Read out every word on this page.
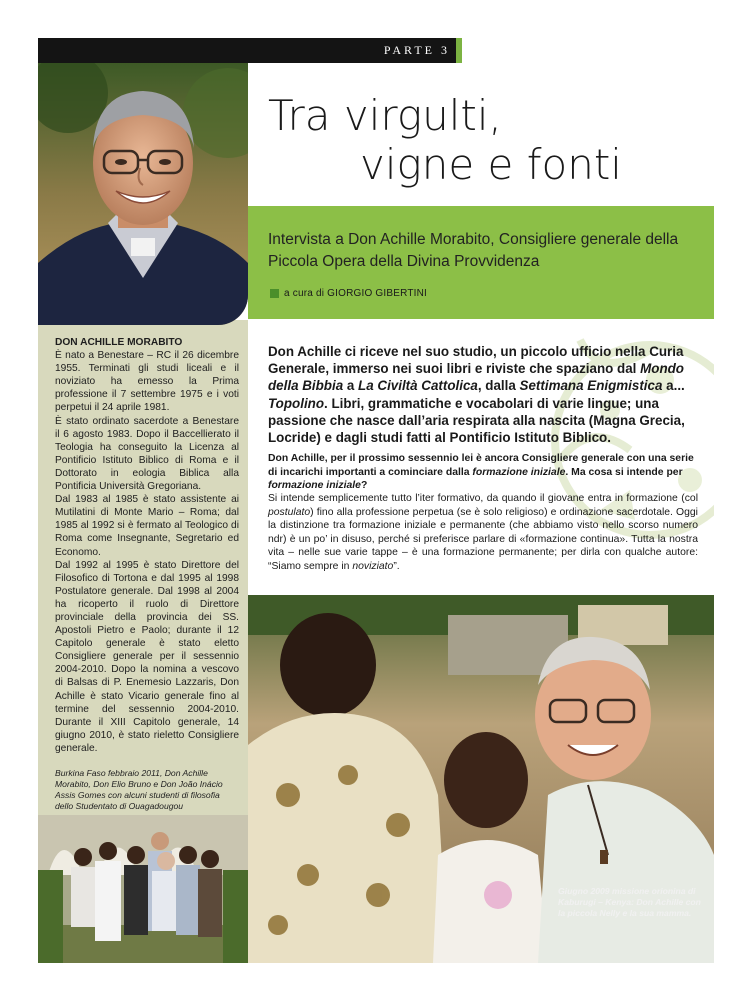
PARTE 3
DON ACHILLE MORABITO

È nato a Benestare – RC il 26 dicembre 1955. Terminati gli studi liceali e il noviziato ha emesso la Prima professione il 7 settembre 1975 e i voti perpetui il 24 aprile 1981.

È stato ordinato sacerdote a Benestare il 6 agosto 1983. Dopo il Baccellierato il Teologia ha conseguito la Licenza al Pontificio Istituto Biblico di Roma e il Dottorato in eologia Biblica alla Pontificia Università Gregoriana.

Dal 1983 al 1985 è stato assistente ai Mutilatini di Monte Mario – Roma; dal 1985 al 1992 si è fermato al Teologico di Roma come Insegnante, Segretario ed Economo.

Dal 1992 al 1995 è stato Direttore del Filosofico di Tortona e dal 1995 al 1998 Postulatore generale. Dal 1998 al 2004 ha ricoperto il ruolo di Direttore provinciale della provincia dei SS. Apostoli Pietro e Paolo; durante il 12 Capitolo generale è stato eletto Consigliere generale per il sessennio 2004-2010. Dopo la nomina a vescovo di Balsas di P. Enemesio Lazzaris, Don Achille è stato Vicario generale fino al termine del sessennio 2004-2010. Durante il XIII Capitolo generale, 14 giugno 2010, è stato rieletto Consigliere generale.

Burkina Faso febbraio 2011, Don Achille Morabito, Don Elio Bruno e Don João Inácio Assis Gomes con alcuni studenti di filosofia dello Studentato di Ouagadougou
Tra virgulti,
vigne e fonti
Intervista a Don Achille Morabito, Consigliere generale della Piccola Opera della Divina Provvidenza
a cura di GIORGIO GIBERTINI
Don Achille ci riceve nel suo studio, un piccolo ufficio nella Curia Generale, immerso nei suoi libri e riviste che spaziano dal Mondo della Bibbia a La Civiltà Cattolica, dalla Settimana Enigmistica a... Topolino. Libri, grammatiche e vocabolari di varie lingue; una passione che nasce dall’aria respirata alla nascita (Magna Grecia, Locride) e dagli studi fatti al Pontificio Istituto Biblico.
Don Achille, per il prossimo sessennio lei è ancora Consigliere generale con una serie di incarichi importanti a cominciare dalla formazione iniziale. Ma cosa si intende per formazione iniziale?
Si intende semplicemente tutto l’iter formativo, da quando il giovane entra in formazione (col postulato) fino alla professione perpetua (se è solo religioso) e ordinazione sacerdotale. Oggi la distinzione tra formazione iniziale e permanente (che abbiamo visto nello scorso numero ndr) è un po’ in disuso, perché si preferisce parlare di «formazione continua». Tutta la nostra vita – nelle sue varie tappe – è una formazione permanente; per dirla con qualche autore: “Siamo sempre in noviziato”.
Giugno 2009 missione orionina di Kaburugi – Kenya: Don Achille con la piccola Nelly e la sua mamma.
